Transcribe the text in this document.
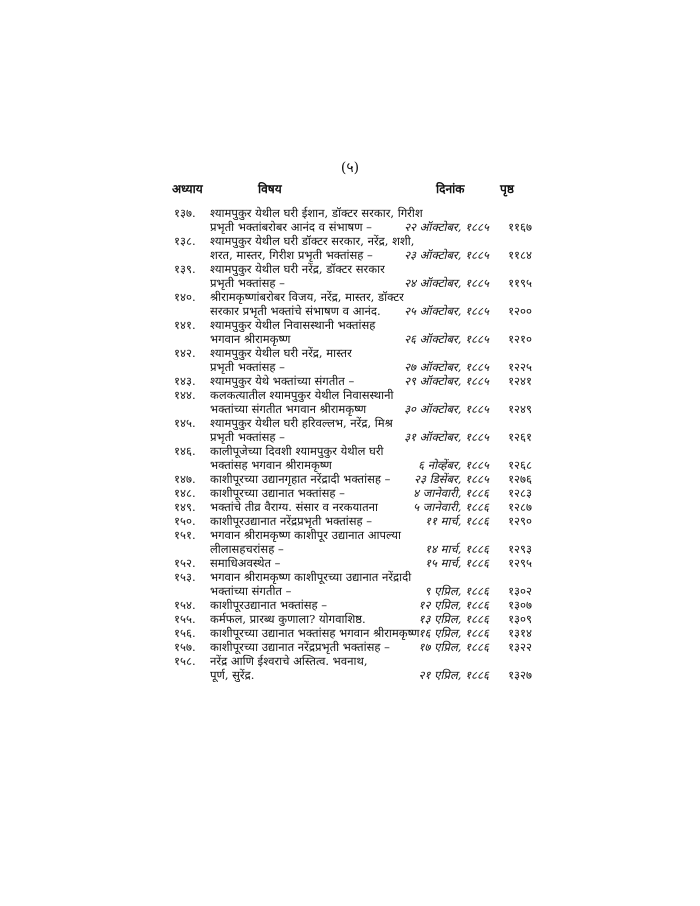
(५)
अध्याय	विषय	दिनांक	पृष्ठ
१३७. श्यामपुकुर येथील घरी ईशान, डॉक्टर सरकार, गिरीश
प्रभृती भक्तांबरोबर आनंद व संभाषण –	२२ ऑक्टोबर, १८८५	११६७
१३८. श्यामपुकुर येथील घरी डॉक्टर सरकार, नरेंद्र, शशी,
शरत, मास्तर, गिरीश प्रभृती भक्तांसह –	२३ ऑक्टोबर, १८८५	११८४
१३९. श्यामपुकुर येथील घरी नरेंद्र, डॉक्टर सरकार
प्रभृती भक्तांसह –	२४ ऑक्टोबर, १८८५	११९५
१४०. श्रीरामकृष्णांबरोबर विजय, नरेंद्र, मास्तर, डॉक्टर
सरकार प्रभृती भक्तांचे संभाषण व आनंद.	२५ ऑक्टोबर, १८८५	१२००
१४१. श्यामपुकुर येथील निवासस्थानी भक्तांसह
भगवान श्रीरामकृष्ण	२६ ऑक्टोबर, १८८५	१२१०
१४२. श्यामपुकुर येथील घरी नरेंद्र, मास्तर
प्रभृती भक्तांसह –	२७ ऑक्टोबर, १८८५	१२२५
१४३. श्यामपुकुर येथे भक्तांच्या संगतीत –	२९ ऑक्टोबर, १८८५	१२४१
१४४. कलकत्यातील श्यामपुकुर येथील निवासस्थानी
भक्तांच्या संगतीत भगवान श्रीरामकृष्ण	३० ऑक्टोबर, १८८५	१२४९
१४५. श्यामपुकुर येथील घरी हरिवल्लभ, नरेंद्र, मिश्र
प्रभृती भक्तांसह –	३१ ऑक्टोबर, १८८५	१२६१
१४६. कालीपूजेच्या दिवशी श्यामपुकुर येथील घरी
भक्तांसह भगवान श्रीरामकृष्ण	६ नोव्हेंबर, १८८५	१२६८
१४७. काशीपूरच्या उद्यानगृहात नरेंद्रादी भक्तांसह –	२३ डिसेंबर, १८८५	१२७६
१४८. काशीपूरच्या उद्यानात भक्तांसह –	४ जानेवारी, १८८६	१२८३
१४९. भक्तांचे तीव्र वैराग्य. संसार व नरकयातना	५ जानेवारी, १८८६	१२८७
१५०. काशीपूरउद्यानात नरेंद्रप्रभृती भक्तांसह –	११ मार्च, १८८६	१२९०
१५१. भगवान श्रीरामकृष्ण काशीपूर उद्यानात आपल्या
लीलासहचरांसह –	१४ मार्च, १८८६	१२९३
१५२. समाधिअवस्थेत –	१५ मार्च, १८८६	१२९५
१५३. भगवान श्रीरामकृष्ण काशीपूरच्या उद्यानात नरेंद्रादी
भक्तांच्या संगतीत –	९ एप्रिल, १८८६	१३०२
१५४. काशीपूरउद्यानात भक्तांसह –	१२ एप्रिल, १८८६	१३०७
१५५. कर्मफल, प्रारब्ध कुणाला? योगवाशिष्ठ.	१३ एप्रिल, १८८६	१३०९
१५६. काशीपूरच्या उद्यानात भक्तांसह भगवान श्रीरामकृष्ण
१६ एप्रिल, १८८६	१३१४
१५७. काशीपूरच्या उद्यानात नरेंद्रप्रभृती भक्तांसह –	१७ एप्रिल, १८८६	१३२२
१५८. नरेंद्र आणि ईश्वराचे अस्तित्व. भवनाथ,
पूर्ण, सुरेंद्र.	२१ एप्रिल, १८८६	१३२७
